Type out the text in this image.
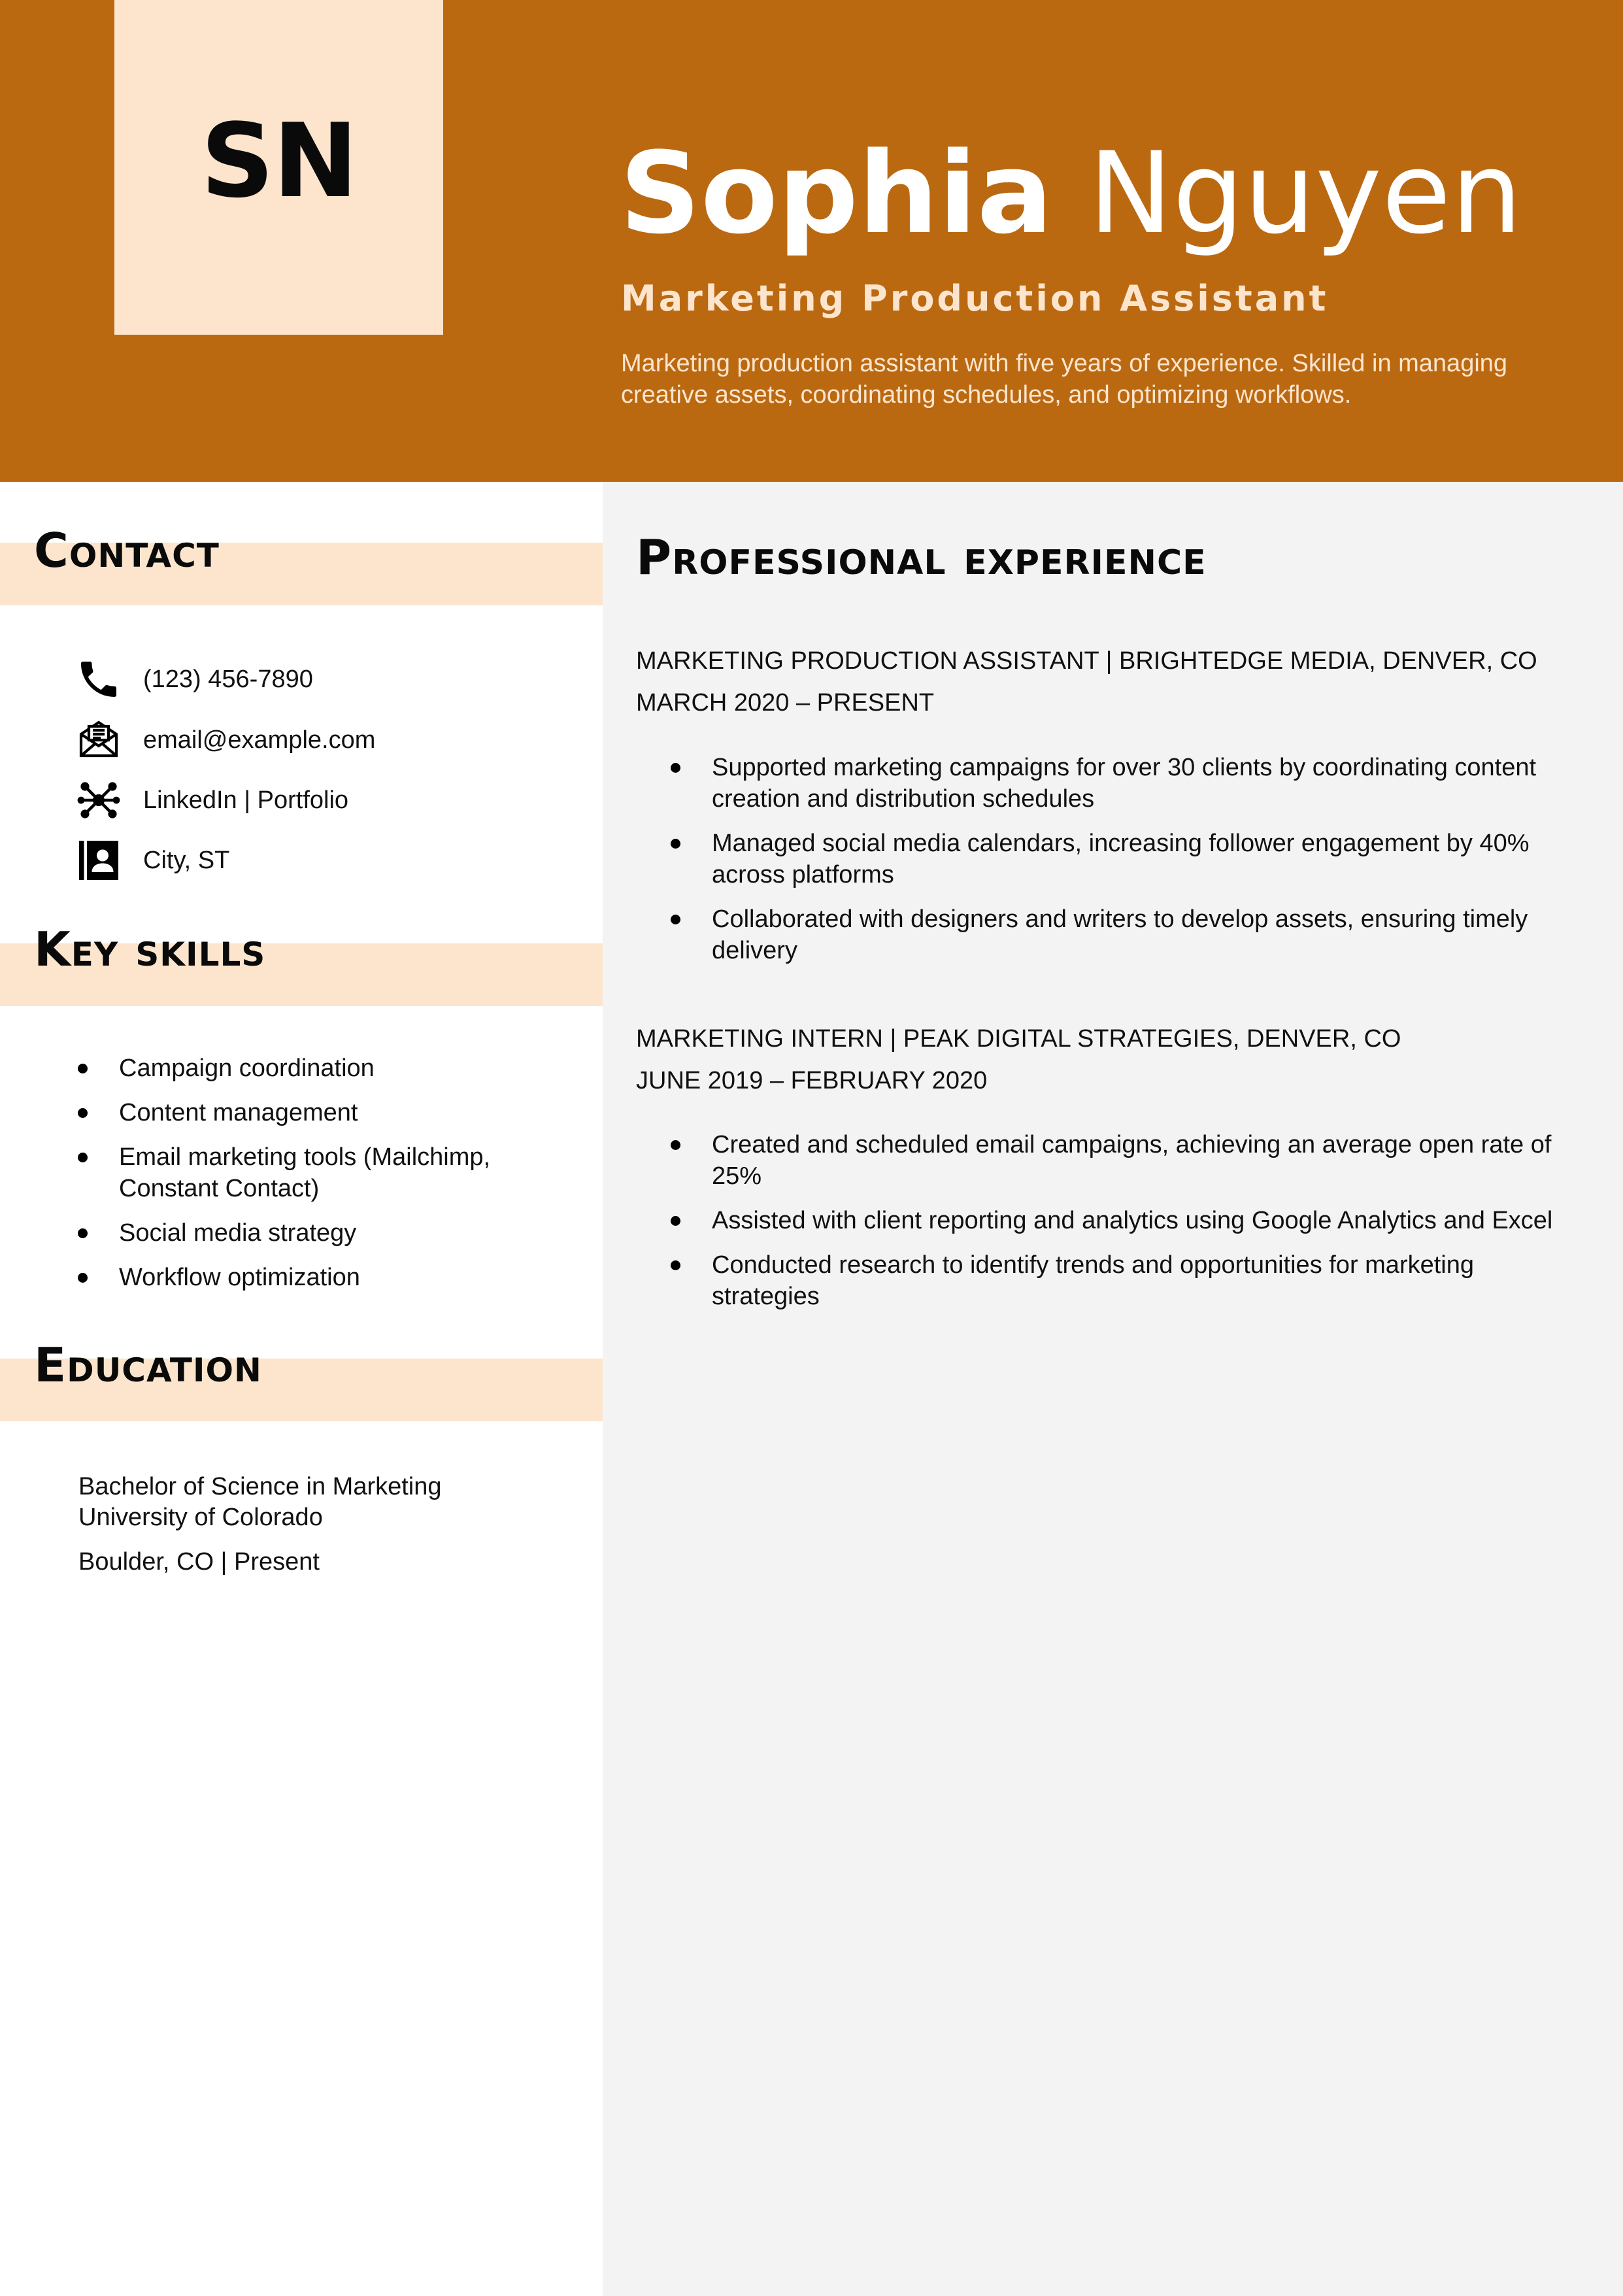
SN Sophia Nguyen
Marketing Production Assistant
Marketing production assistant with five years of experience. Skilled in managing creative assets, coordinating schedules, and optimizing workflows.
Contact
(123) 456-7890
email@example.com
LinkedIn | Portfolio
City, ST
Key skills
Campaign coordination
Content management
Email marketing tools (Mailchimp, Constant Contact)
Social media strategy
Workflow optimization
Education
Bachelor of Science in Marketing
University of Colorado
Boulder, CO | Present
Professional experience
MARKETING PRODUCTION ASSISTANT | BRIGHTEDGE MEDIA, DENVER, CO
MARCH 2020 – PRESENT
Supported marketing campaigns for over 30 clients by coordinating content creation and distribution schedules
Managed social media calendars, increasing follower engagement by 40% across platforms
Collaborated with designers and writers to develop assets, ensuring timely delivery
MARKETING INTERN | PEAK DIGITAL STRATEGIES, DENVER, CO
JUNE 2019 – FEBRUARY 2020
Created and scheduled email campaigns, achieving an average open rate of 25%
Assisted with client reporting and analytics using Google Analytics and Excel
Conducted research to identify trends and opportunities for marketing strategies
